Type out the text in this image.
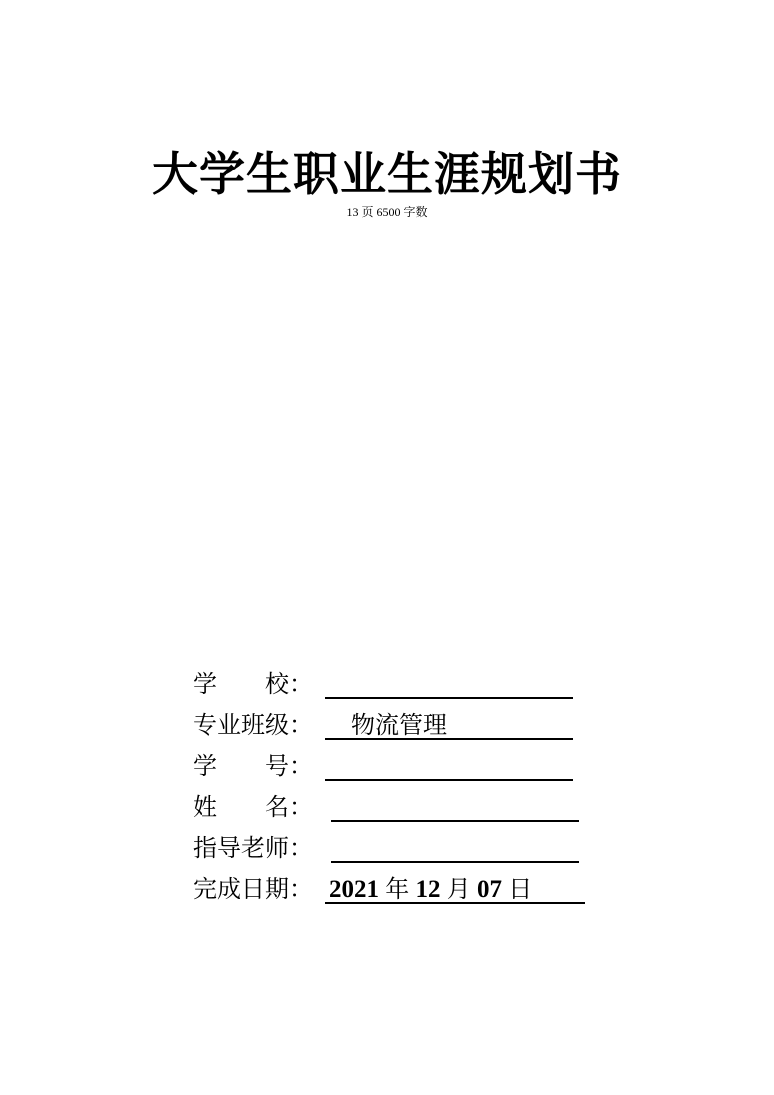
大学生职业生涯规划书
13 页 6500 字数
学 校：
专业班级：	物流管理
学 号：
姓 名：
指导老师：
完成日期： 2021 年 12 月 07 日
